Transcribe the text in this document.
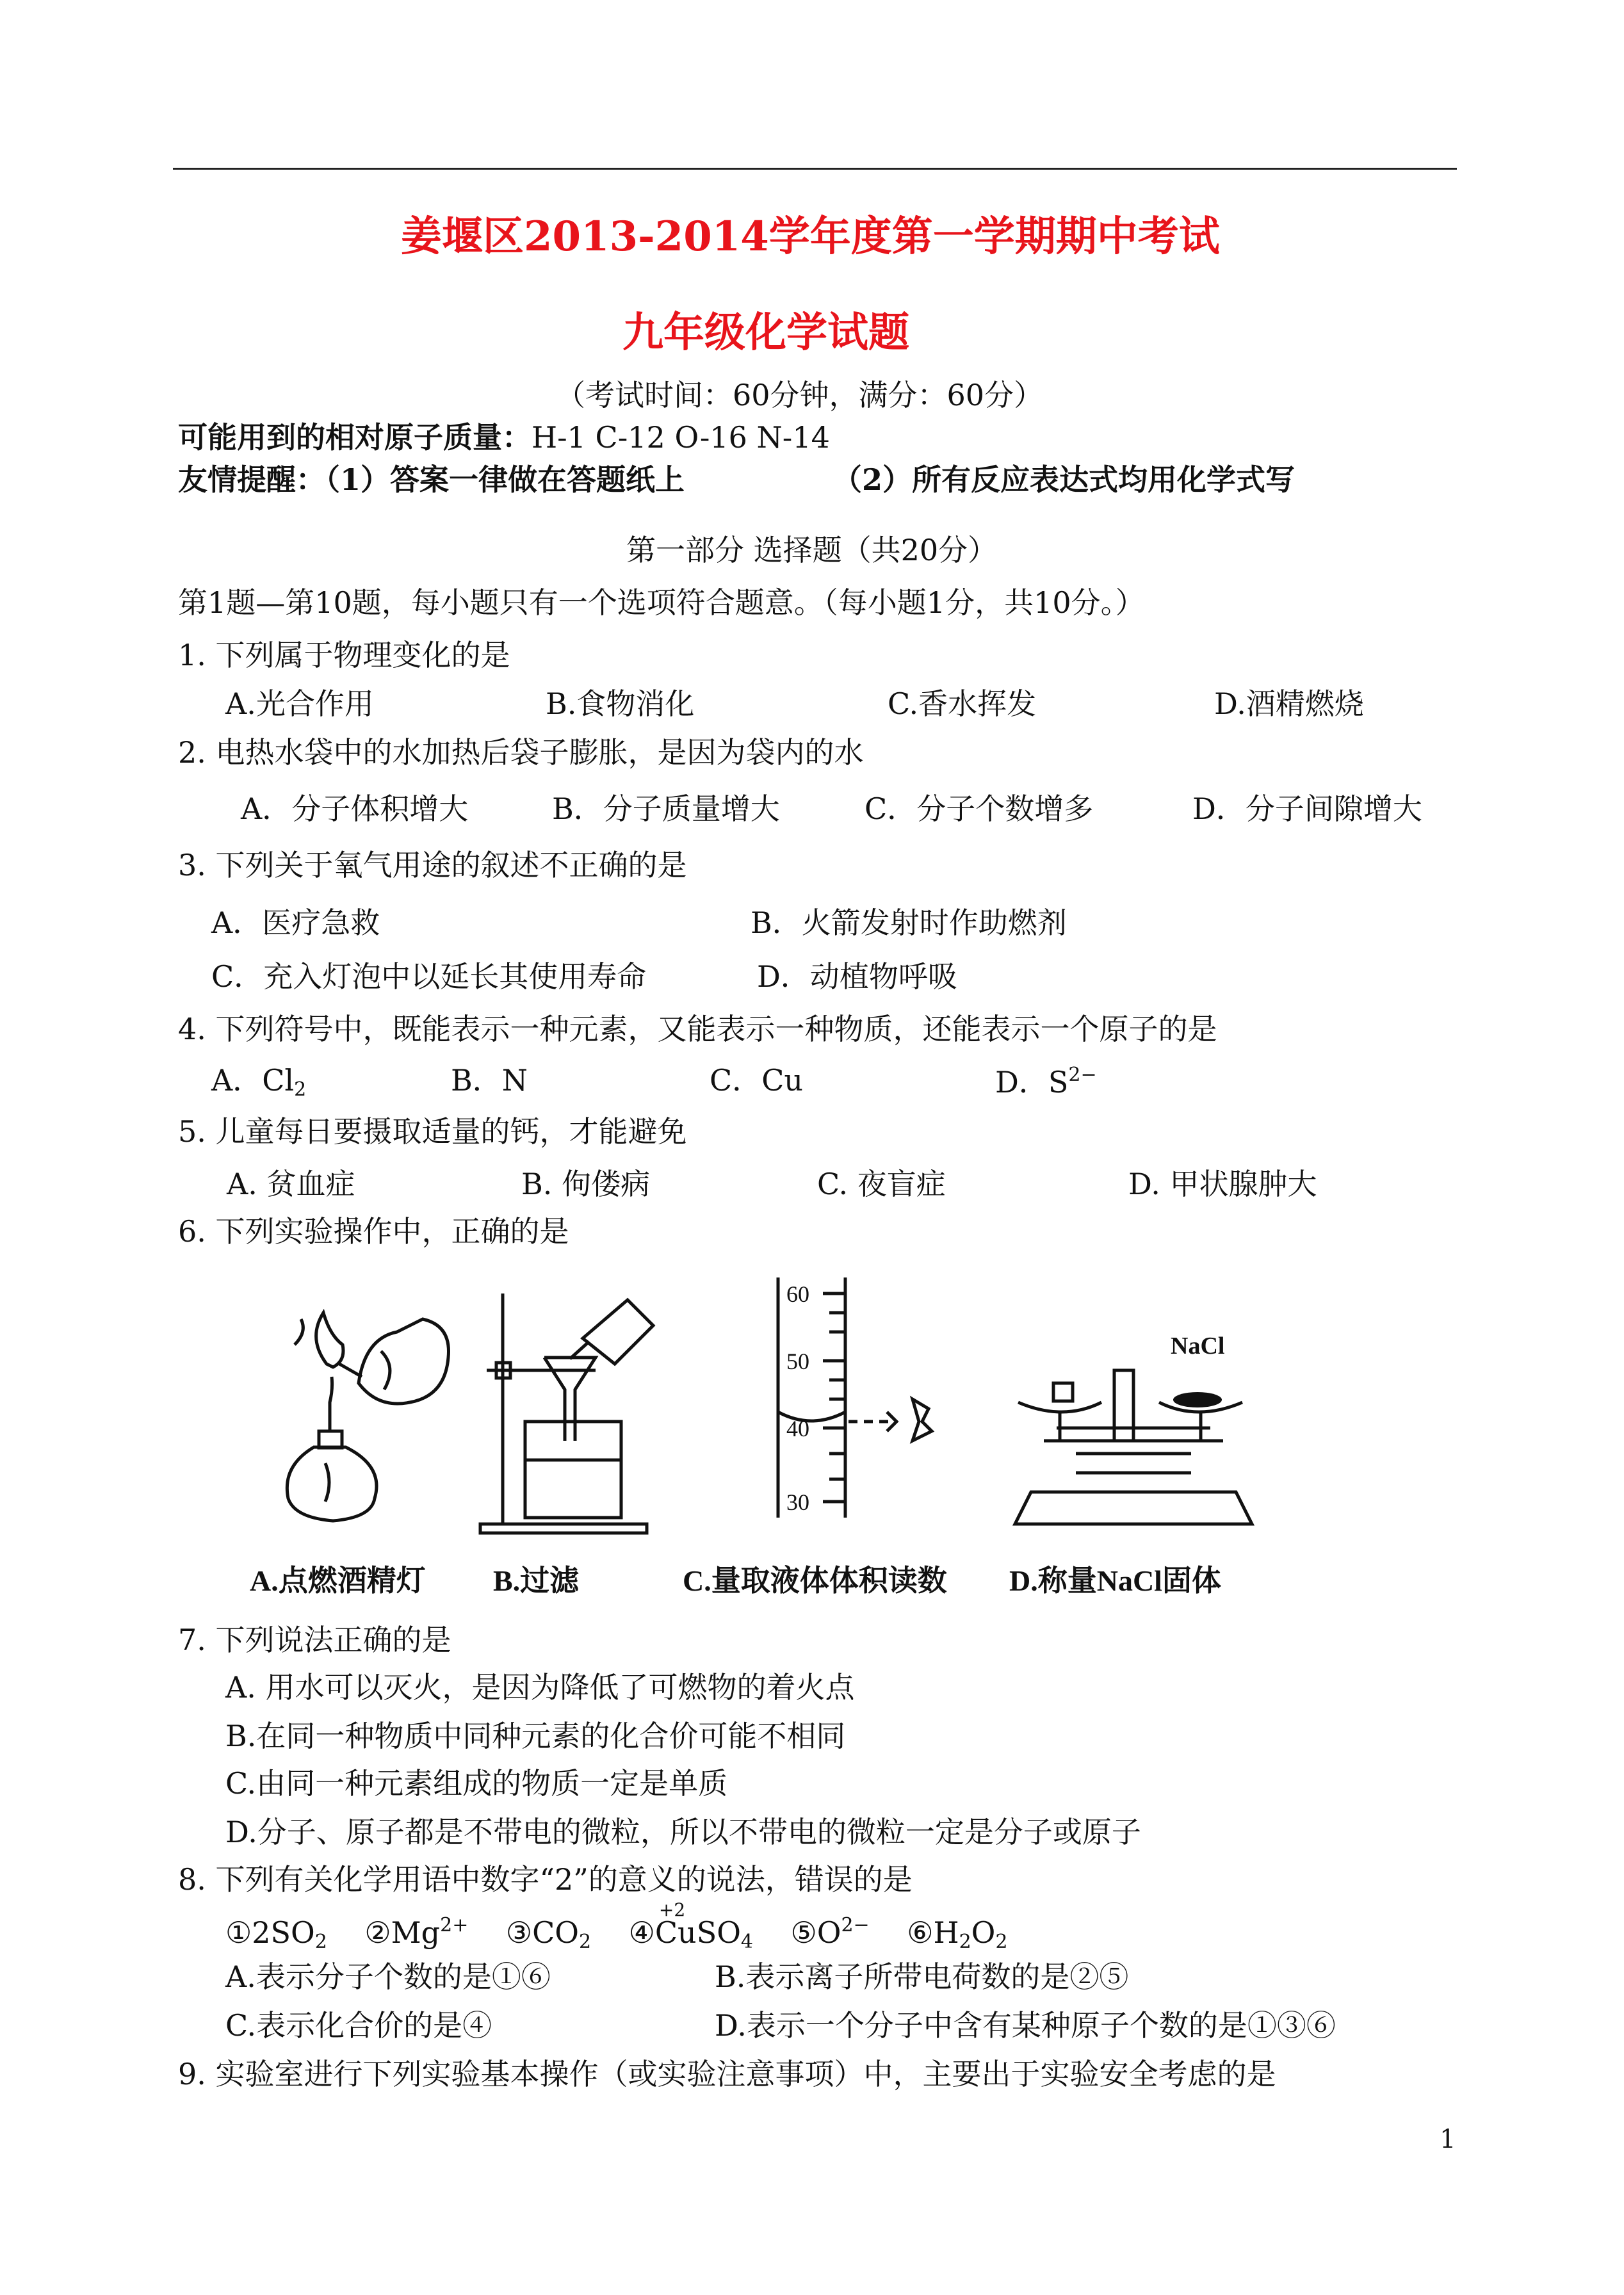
姜堰区2013-2014学年度第一学期期中考试
九年级化学试题
（考试时间：60分钟，满分：60分）
可能用到的相对原子质量：H-1 C-12 O-16 N-14
友情提醒：（1）答案一律做在答题纸上	（2）所有反应表达式均用化学式写
第一部分 选择题（共20分）
第1题—第10题，每小题只有一个选项符合题意。（每小题1分，共10分。）
1. 下列属于物理变化的是
A.光合作用	B.食物消化	C.香水挥发	D.酒精燃烧
2. 电热水袋中的水加热后袋子膨胀，是因为袋内的水
A．分子体积增大	B．分子质量增大	C．分子个数增多	D．分子间隙增大
3. 下列关于氧气用途的叙述不正确的是
A．医疗急救	B．火箭发射时作助燃剂
C．充入灯泡中以延长其使用寿命	D．动植物呼吸
4. 下列符号中，既能表示一种元素，又能表示一种物质，还能表示一个原子的是
A．$Cl_2$	B．N	C．Cu	D．$S^{2-}$
5. 儿童每日要摄取适量的钙，才能避免
A. 贫血症	B. 佝偻病	C. 夜盲症	D. 甲状腺肿大
6. 下列实验操作中，正确的是
60
50
40
30
NaCl
A.点燃酒精灯 B.过滤	C.量取液体体积读数 D.称量NaCl固体
7. 下列说法正确的是
A. 用水可以灭火，是因为降低了可燃物的着火点
B.在同一种物质中同种元素的化合价可能不相同
C.由同一种元素组成的物质一定是单质
D.分子、原子都是不带电的微粒，所以不带电的微粒一定是分子或原子
8. 下列有关化学用语中数字“2”的意义的说法，错误的是
$①2SO_2$ $②Mg^{2+}$ $③CO_2$ ④
+2
CuSO$_4$ $⑤O^{2-}$ $⑥H_2O_2$
A.表示分子个数的是①⑥	B.表示离子所带电荷数的是②⑤
C.表示化合价的是④	D.表示一个分子中含有某种原子个数的是①③⑥
9. 实验室进行下列实验基本操作（或实验注意事项）中，主要出于实验安全考虑的是
1
